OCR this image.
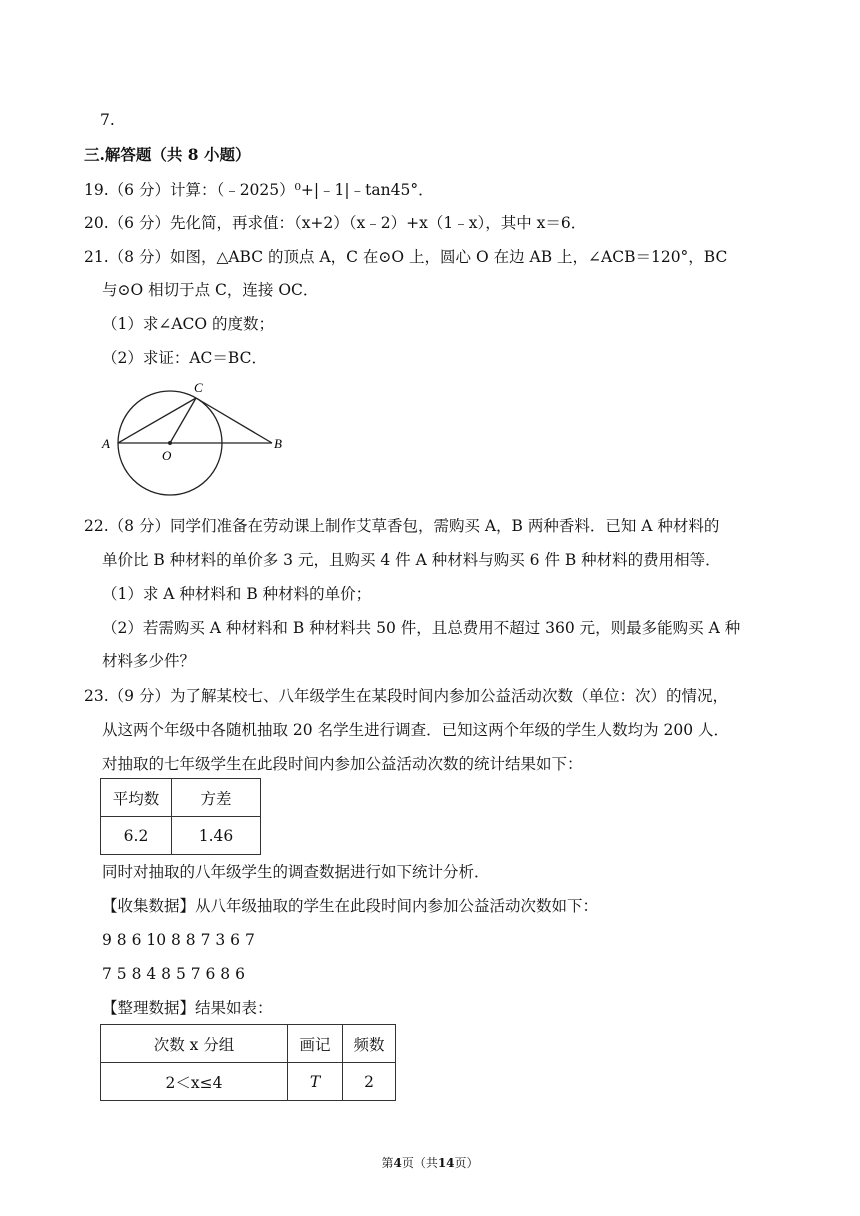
7.
三.解答题（共 8 小题）
19.（6 分）计算：（﹣2025）⁰+|﹣1|﹣tan45°．
20.（6 分）先化简，再求值：（x+2）（x﹣2）+x（1﹣x），其中 x＝6．
21.（8 分）如图，△ABC 的顶点 A，C 在⊙O 上，圆心 O 在边 AB 上，∠ACB＝120°，BC
与⊙O 相切于点 C，连接 OC．
（1）求∠ACO 的度数；
（2）求证：AC＝BC．
A	B
C
O
22.（8 分）同学们准备在劳动课上制作艾草香包，需购买 A，B 两种香料．已知 A 种材料的
单价比 B 种材料的单价多 3 元，且购买 4 件 A 种材料与购买 6 件 B 种材料的费用相等．
（1）求 A 种材料和 B 种材料的单价；
（2）若需购买 A 种材料和 B 种材料共 50 件，且总费用不超过 360 元，则最多能购买 A 种
材料多少件？
23.（9 分）为了解某校七、八年级学生在某段时间内参加公益活动次数（单位：次）的情况，
从这两个年级中各随机抽取 20 名学生进行调查．已知这两个年级的学生人数均为 200 人．
对抽取的七年级学生在此段时间内参加公益活动次数的统计结果如下：
平均数	方差
6.2	1.46
同时对抽取的八年级学生的调查数据进行如下统计分析．
【收集数据】从八年级抽取的学生在此段时间内参加公益活动次数如下：
9 8 6 10 8 8 7 3 6 7
7 5 8 4 8 5 7 6 8 6
【整理数据】结果如表：
次数 x 分组	画记	频数
2＜x≤4	T	2
第4页（共14页）
